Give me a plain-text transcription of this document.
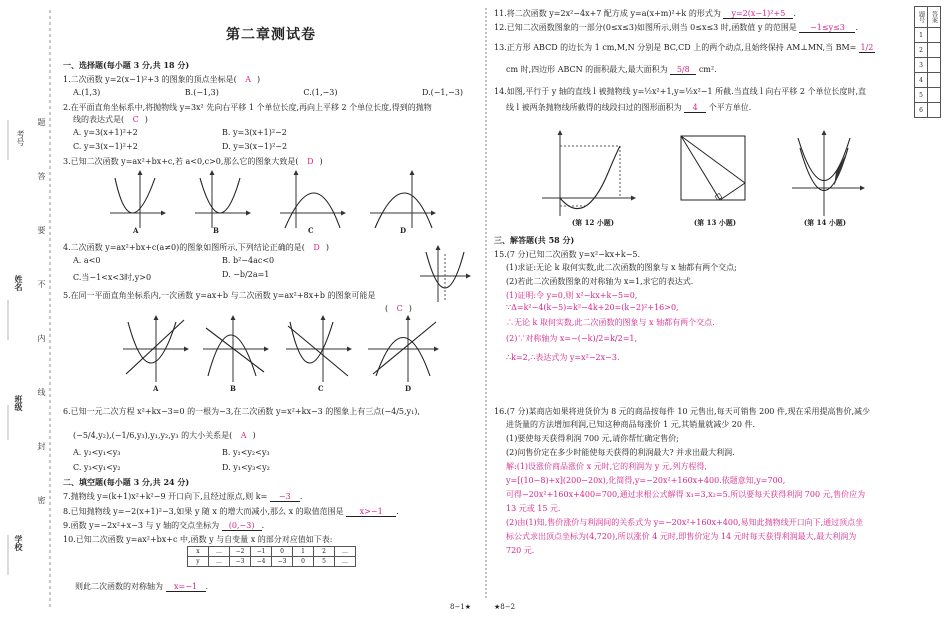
考号
题
答
要
不
内
线
封
密
姓名
班级
学校
第二章测试卷
一、选择题(每小题 3 分,共 18 分)
1.二次函数 y=2(x−1)²+3 的图象的顶点坐标是( A )
A.(1,3)	B.(−1,3)	C.(1,−3)	D.(−1,−3)
2.在平面直角坐标系中,将抛物线 y=3x² 先向右平移 1 个单位长度,再向上平移 2 个单位长度,得到的抛物
线的表达式是( C )
A. y=3(x+1)²+2	B. y=3(x+1)²−2
C. y=3(x−1)²+2	D. y=3(x−1)²−2
3.已知二次函数 y=ax²+bx+c,若 a<0,c>0,那么它的图象大致是( D )
A	B	C	D
4.二次函数 y=ax²+bx+c(a≠0)的图象如图所示,下列结论正确的是( D )
A. a<0	B. b²−4ac<0
C.当−1<x<3时,y>0	D. −b/2a=1
5.在同一平面直角坐标系内,一次函数 y=ax+b 与二次函数 y=ax²+8x+b 的图象可能是
( C )
A	B	C	D
6.已知一元二次方程 x²+kx−3=0 的一根为−3,在二次函数 y=x²+kx−3 的图象上有三点(−4/5,y₁),
(−5/4,y₂),(−1/6,y₃),y₁,y₂,y₃ 的大小关系是( A )
A. y₂<y₁<y₃	B. y₁<y₂<y₃
C. y₃<y₁<y₂	D. y₁<y₃<y₂
二、填空题(每小题 3 分,共 24 分)
7.抛物线 y=(k+1)x²+k²−9 开口向下,且经过原点,则 k= −3 .
8.已知抛物线 y=−2(x+1)²−3,如果 y 随 x 的增大而减小,那么 x 的取值范围是 x>−1 .
9.函数 y=−2x²+x−3 与 y 轴的交点坐标为 (0,−3) .
10.已知二次函数 y=ax²+bx+c 中,函数 y 与自变量 x 的部分对应值如下表:
x	…	−2	−1	0	1	2	…
y	…	−3	−4	−3	0	5	…
则此二次函数的对称轴为 x=−1 .
11.将二次函数 y=2x²−4x+7 配方成 y=a(x+m)²+k 的形式为 y=2(x−1)²+5 .
12.已知二次函数图象的一部分(0≤x≤3)如图所示,则当 0≤x≤3 时,函数值 y 的范围是 −1≤y≤3 .
13.正方形 ABCD 的边长为 1 cm,M,N 分别是 BC,CD 上的两个动点,且始终保持 AM⊥MN,当 BM= 1/2
cm 时,四边形 ABCN 的面积最大,最大面积为 5/8 cm².
14.如图,平行于 y 轴的直线 l 被抛物线 y=½x²+1,y=½x²−1 所截.当直线 l 向右平移 2 个单位长度时,直
线 l 被两条抛物线所截得的线段扫过的图形面积为 4 个平方单位.
(第 12 小题)	(第 13 小题)	(第 14 小题)
三、解答题(共 58 分)
15.(7 分)已知二次函数 y=x²−kx+k−5.
(1)求证:无论 k 取何实数,此二次函数的图象与 x 轴都有两个交点;
(2)若此二次函数图象的对称轴为 x=1,求它的表达式.
(1)证明:令 y=0,则 x²−kx+k−5=0,
∵Δ=k²−4(k−5)=k²−4k+20=(k−2)²+16>0,
∴无论 k 取何实数,此二次函数的图象与 x 轴都有两个交点.
(2)∵对称轴为 x=−(−k)/2=k/2=1,
∴k=2,∴表达式为 y=x²−2x−3.
16.(7 分)某商店如果将进货价为 8 元的商品按每件 10 元售出,每天可销售 200 件,现在采用提高售价,减少
进货量的方法增加利润,已知这种商品每涨价 1 元,其销量就减少 20 件.
(1)要使每天获得利润 700 元,请你帮忙确定售价;
(2)问售价定在多少时能使每天获得的利润最大? 并求出最大利润.
解:(1)设涨价商品涨价 x 元时,它的利润为 y 元,列方程得,
y=[(10−8)+x](200−20x),化简得,y=−20x²+160x+400.依题意知,y=700,
可得−20x²+160x+400=700,通过求根公式解得 x₁=3,x₂=5.所以要每天获得利润 700 元,售价应为
13 元或 15 元.
(2)由(1)知,售价涨价与利润间的关系式为 y=−20x²+160x+400,易知此抛物线开口向下,通过顶点坐
标公式求出顶点坐标为(4,720),所以涨价 4 元时,即售价定为 14 元时每天获得利润最大,最大利润为
720 元.
题号	答案
1	
2	
3	
4	
5	
6	
8−1★	★8−2
